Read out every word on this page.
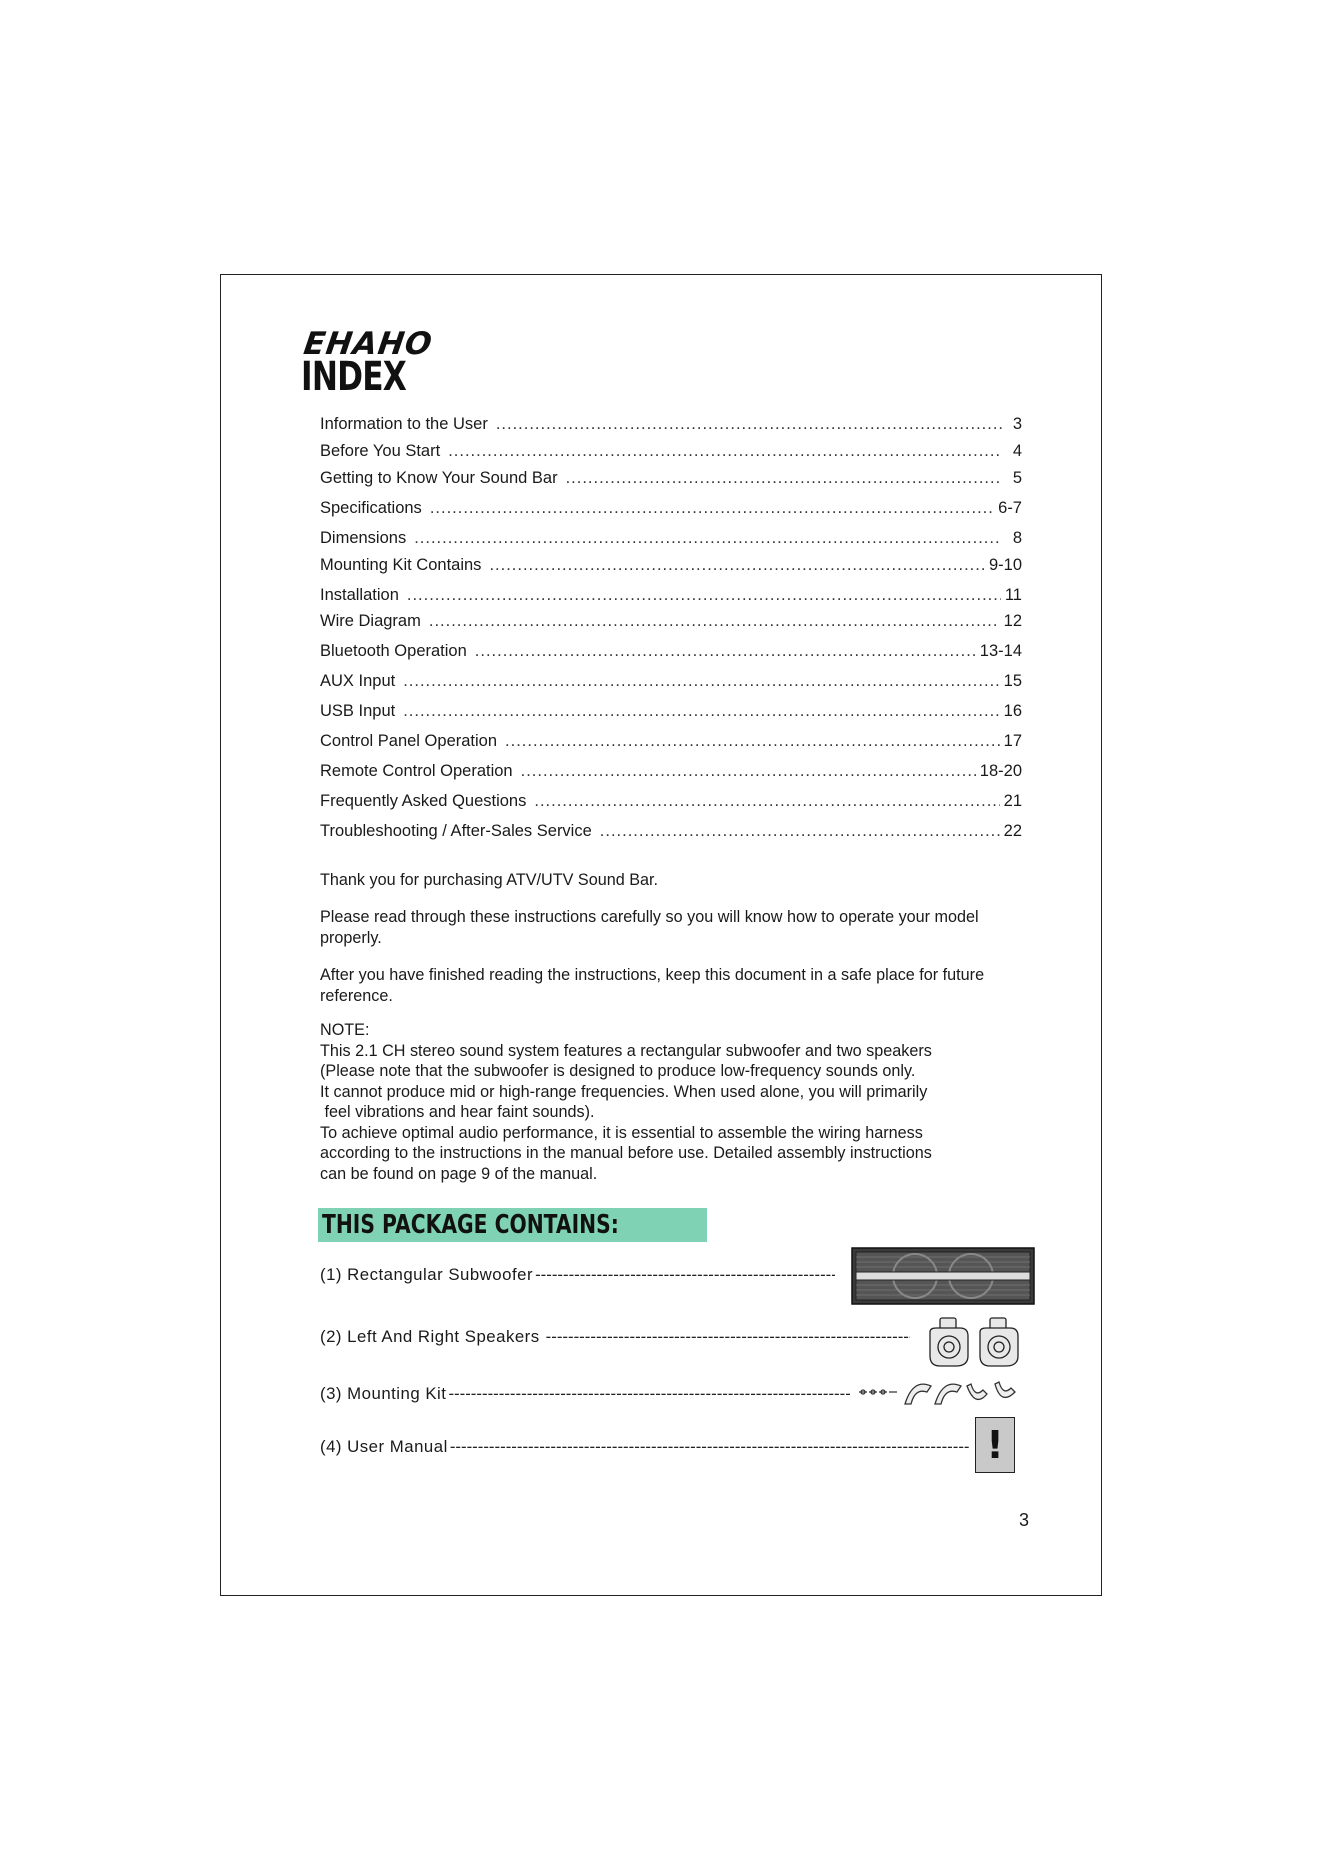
EHAHO
INDEX
Information to the User .....	3
Before You Start .....	4
Getting to Know Your Sound Bar .....	5
Specifications .....	6-7
Dimensions .....	8
Mounting Kit Contains .....	9-10
Installation .....	11
Wire Diagram .....	12
Bluetooth Operation .....	13-14
AUX Input .....	15
USB Input .....	16
Control Panel Operation .....	17
Remote Control Operation .....	18-20
Frequently Asked Questions .....	21
Troubleshooting / After-Sales Service .....	22

Thank you for purchasing ATV/UTV Sound Bar.

Please read through these instructions carefully so you will know how to operate your model properly.

After you have finished reading the instructions, keep this document in a safe place for future reference.

NOTE:

This 2.1 CH stereo sound system features a rectangular subwoofer and two speakers

(Please note that the subwoofer is designed to produce low-frequency sounds only.

It cannot produce mid or high-range frequencies. When used alone, you will primarily

feel vibrations and hear faint sounds).

To achieve optimal audio performance, it is essential to assemble the wiring harness

according to the instructions in the manual before use. Detailed assembly instructions

can be found on page 9 of the manual.

THIS PACKAGE CONTAINS:
(1) Rectangular Subwoofer
-----
(2) Left And Right Speakers
-----
(3) Mounting Kit
-----
(4) User Manual -----	!
3
